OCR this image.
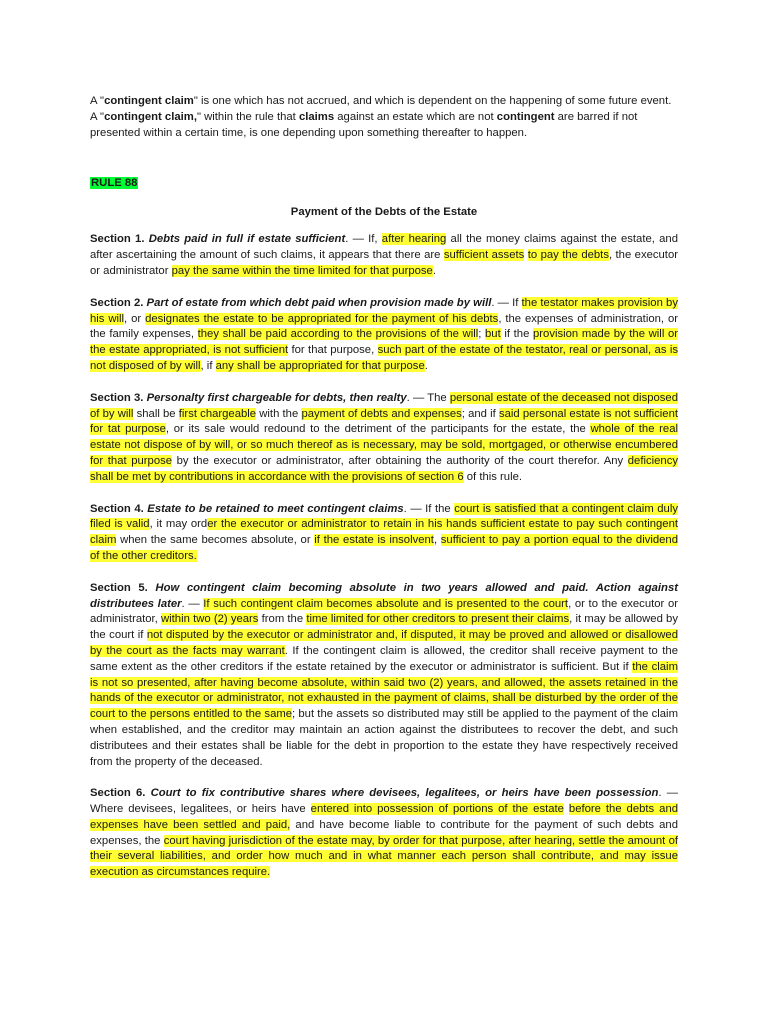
A "contingent claim" is one which has not accrued, and which is dependent on the happening of some future event. A "contingent claim," within the rule that claims against an estate which are not contingent are barred if not presented within a certain time, is one depending upon something thereafter to happen.

RULE 88
Payment of the Debts of the Estate

Section 1. Debts paid in full if estate sufficient. — If, after hearing all the money claims against the estate, and after ascertaining the amount of such claims, it appears that there are sufficient assets to pay the debts, the executor or administrator pay the same within the time limited for that purpose.

Section 2. Part of estate from which debt paid when provision made by will. — If the testator makes provision by his will, or designates the estate to be appropriated for the payment of his debts, the expenses of administration, or the family expenses, they shall be paid according to the provisions of the will; but if the provision made by the will or the estate appropriated, is not sufficient for that purpose, such part of the estate of the testator, real or personal, as is not disposed of by will, if any shall be appropriated for that purpose.

Section 3. Personalty first chargeable for debts, then realty. — The personal estate of the deceased not disposed of by will shall be first chargeable with the payment of debts and expenses; and if said personal estate is not sufficient for tat purpose, or its sale would redound to the detriment of the participants for the estate, the whole of the real estate not dispose of by will, or so much thereof as is necessary, may be sold, mortgaged, or otherwise encumbered for that purpose by the executor or administrator, after obtaining the authority of the court therefor. Any deficiency shall be met by contributions in accordance with the provisions of section 6 of this rule.

Section 4. Estate to be retained to meet contingent claims. — If the court is satisfied that a contingent claim duly filed is valid, it may order the executor or administrator to retain in his hands sufficient estate to pay such contingent claim when the same becomes absolute, or if the estate is insolvent, sufficient to pay a portion equal to the dividend of the other creditors.

Section 5. How contingent claim becoming absolute in two years allowed and paid. Action against distributees later. — If such contingent claim becomes absolute and is presented to the court, or to the executor or administrator, within two (2) years from the time limited for other creditors to present their claims, it may be allowed by the court if not disputed by the executor or administrator and, if disputed, it may be proved and allowed or disallowed by the court as the facts may warrant. If the contingent claim is allowed, the creditor shall receive payment to the same extent as the other creditors if the estate retained by the executor or administrator is sufficient. But if the claim is not so presented, after having become absolute, within said two (2) years, and allowed, the assets retained in the hands of the executor or administrator, not exhausted in the payment of claims, shall be disturbed by the order of the court to the persons entitled to the same; but the assets so distributed may still be applied to the payment of the claim when established, and the creditor may maintain an action against the distributees to recover the debt, and such distributees and their estates shall be liable for the debt in proportion to the estate they have respectively received from the property of the deceased.

Section 6. Court to fix contributive shares where devisees, legalitees, or heirs have been possession. — Where devisees, legalitees, or heirs have entered into possession of portions of the estate before the debts and expenses have been settled and paid, and have become liable to contribute for the payment of such debts and expenses, the court having jurisdiction of the estate may, by order for that purpose, after hearing, settle the amount of their several liabilities, and order how much and in what manner each person shall contribute, and may issue execution as circumstances require.
